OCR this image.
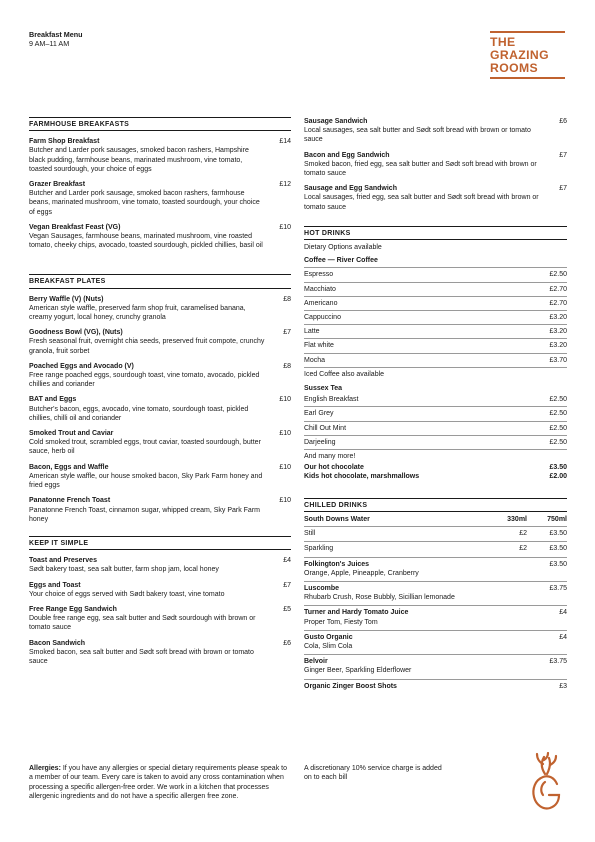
Breakfast Menu
9 AM–11 AM	THE
GRAZING
ROOMS
FARMHOUSE BREAKFASTS
Farm Shop Breakfast
Butcher and Larder pork sausages, smoked bacon rashers, Hampshire black pudding, farmhouse beans, marinated mushroom, vine tomato, toasted sourdough, your choice of eggs
£14
Grazer Breakfast
Butcher and Larder pork sausage, smoked bacon rashers, farmhouse beans, marinated mushroom, vine tomato, toasted sourdough, your choice of eggs
£12
Vegan Breakfast Feast (VG)
Vegan Sausages, farmhouse beans, marinated mushroom, vine roasted tomato, cheeky chips, avocado, toasted sourdough, pickled chillies, basil oil
£10
BREAKFAST PLATES
Berry Waffle (V) (Nuts)
American style waffle, preserved farm shop fruit, caramelised banana, creamy yogurt, local honey, crunchy granola
£8
Goodness Bowl (VG), (Nuts)
Fresh seasonal fruit, overnight chia seeds, preserved fruit compote, crunchy granola, fruit sorbet
£7
Poached Eggs and Avocado (V)
Free range poached eggs, sourdough toast, vine tomato, avocado, pickled chillies and coriander
£8
BAT and Eggs
Butcher's bacon, eggs, avocado, vine tomato, sourdough toast, pickled chillies, chilli oil and coriander
£10
Smoked Trout and Caviar
Cold smoked trout, scrambled eggs, trout caviar, toasted sourdough, butter sauce, herb oil
£10
Bacon, Eggs and Waffle
American style waffle, our house smoked bacon, Sky Park Farm honey and fried eggs
£10
Panatonne French Toast
Panatonne French Toast, cinnamon sugar, whipped cream, Sky Park Farm honey
£10
KEEP IT SIMPLE
Toast and Preserves
Sødt bakery toast, sea salt butter, farm shop jam, local honey
£4
Eggs and Toast
Your choice of eggs served with Sødt bakery toast, vine tomato
£7
Free Range Egg Sandwich
Double free range egg, sea salt butter and Sødt sourdough with brown or tomato sauce
£5
Bacon Sandwich
Smoked bacon, sea salt butter and Sødt soft bread with brown or tomato sauce
£6
Sausage Sandwich
Local sausages, sea salt butter and Sødt soft bread with brown or tomato sauce
£6
Bacon and Egg Sandwich
Smoked bacon, fried egg, sea salt butter and Sødt soft bread with brown or tomato sauce
£7
Sausage and Egg Sandwich
Local sausages, fried egg, sea salt butter and Sødt soft bread with brown or tomato sauce
£7
HOT DRINKS
Dietary Options available
Coffee — River Coffee
Espresso	£2.50
Macchiato	£2.70
Americano	£2.70
Cappuccino	£3.20
Latte	£3.20
Flat white	£3.20
Mocha	£3.70
Iced Coffee also available
Sussex Tea
English Breakfast	£2.50
Earl Grey	£2.50
Chill Out Mint	£2.50
Darjeeling	£2.50
And many more!
Our hot chocolate	£3.50
Kids hot chocolate, marshmallows	£2.00
CHILLED DRINKS
South Downs Water	330ml	750ml
Still	£2	£3.50
Sparkling	£2	£3.50
Folkington's Juices
Orange, Apple, Pineapple, Cranberry
£3.50
Luscombe
Rhubarb Crush, Rose Bubbly, Sicillian lemonade
£3.75
Turner and Hardy Tomato Juice
Proper Tom, Fiesty Tom
£4
Gusto Organic
Cola, Slim Cola
£4
Belvoir
Ginger Beer, Sparkling Elderflower
£3.75
Organic Zinger Boost Shots	£3
Allergies: If you have any allergies or special dietary requirements please speak to a member of our team. Every care is taken to avoid any cross contamination when processing a specific allergen-free order. We work in a kitchen that processes allergenic ingredients and do not have a specific allergen free zone.
A discretionary 10% service charge is added on to each bill
